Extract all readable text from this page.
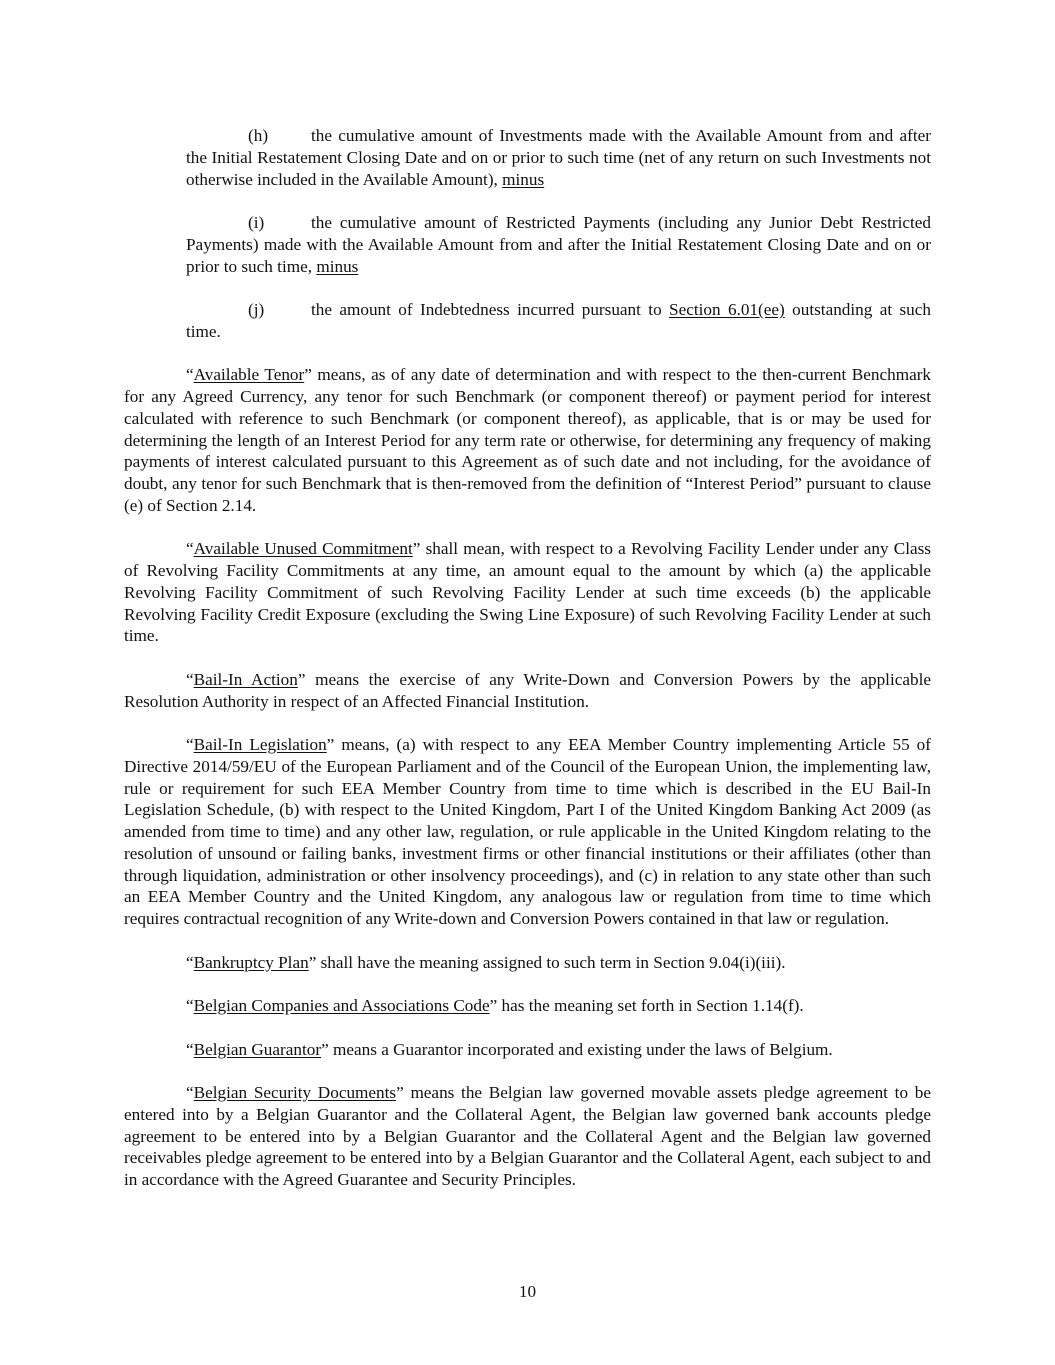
(h) the cumulative amount of Investments made with the Available Amount from and after the Initial Restatement Closing Date and on or prior to such time (net of any return on such Investments not otherwise included in the Available Amount), minus

(i)	the cumulative amount of Restricted Payments (including any Junior Debt Restricted Payments) made with the Available Amount from and after the Initial Restatement Closing Date and on or prior to such time, minus

(j)	the amount of Indebtedness incurred pursuant to Section 6.01(ee) outstanding at such time.

“Available Tenor” means, as of any date of determination and with respect to the then-current Benchmark for any Agreed Currency, any tenor for such Benchmark (or component thereof) or payment period for interest calculated with reference to such Benchmark (or component thereof), as applicable, that is or may be used for determining the length of an Interest Period for any term rate or otherwise, for determining any frequency of making payments of interest calculated pursuant to this Agreement as of such date and not including, for the avoidance of doubt, any tenor for such Benchmark that is then-removed from the definition of “Interest Period” pursuant to clause (e) of Section 2.14.

“Available Unused Commitment” shall mean, with respect to a Revolving Facility Lender under any Class of Revolving Facility Commitments at any time, an amount equal to the amount by which (a) the applicable Revolving Facility Commitment of such Revolving Facility Lender at such time exceeds (b) the applicable Revolving Facility Credit Exposure (excluding the Swing Line Exposure) of such Revolving Facility Lender at such time.

“Bail-In Action” means the exercise of any Write-Down and Conversion Powers by the applicable Resolution Authority in respect of an Affected Financial Institution.

“Bail-In Legislation” means, (a) with respect to any EEA Member Country implementing Article 55 of Directive 2014/59/EU of the European Parliament and of the Council of the European Union, the implementing law, rule or requirement for such EEA Member Country from time to time which is described in the EU Bail-In Legislation Schedule, (b) with respect to the United Kingdom, Part I of the United Kingdom Banking Act 2009 (as amended from time to time) and any other law, regulation, or rule applicable in the United Kingdom relating to the resolution of unsound or failing banks, investment firms or other financial institutions or their affiliates (other than through liquidation, administration or other insolvency proceedings), and (c) in relation to any state other than such an EEA Member Country and the United Kingdom, any analogous law or regulation from time to time which requires contractual recognition of any Write-down and Conversion Powers contained in that law or regulation.

“Bankruptcy Plan” shall have the meaning assigned to such term in Section 9.04(i)(iii).

“Belgian Companies and Associations Code” has the meaning set forth in Section 1.14(f).

“Belgian Guarantor” means a Guarantor incorporated and existing under the laws of Belgium.

“Belgian Security Documents” means the Belgian law governed movable assets pledge agreement to be entered into by a Belgian Guarantor and the Collateral Agent, the Belgian law governed bank accounts pledge agreement to be entered into by a Belgian Guarantor and the Collateral Agent and the Belgian law governed receivables pledge agreement to be entered into by a Belgian Guarantor and the Collateral Agent, each subject to and in accordance with the Agreed Guarantee and Security Principles.

10
